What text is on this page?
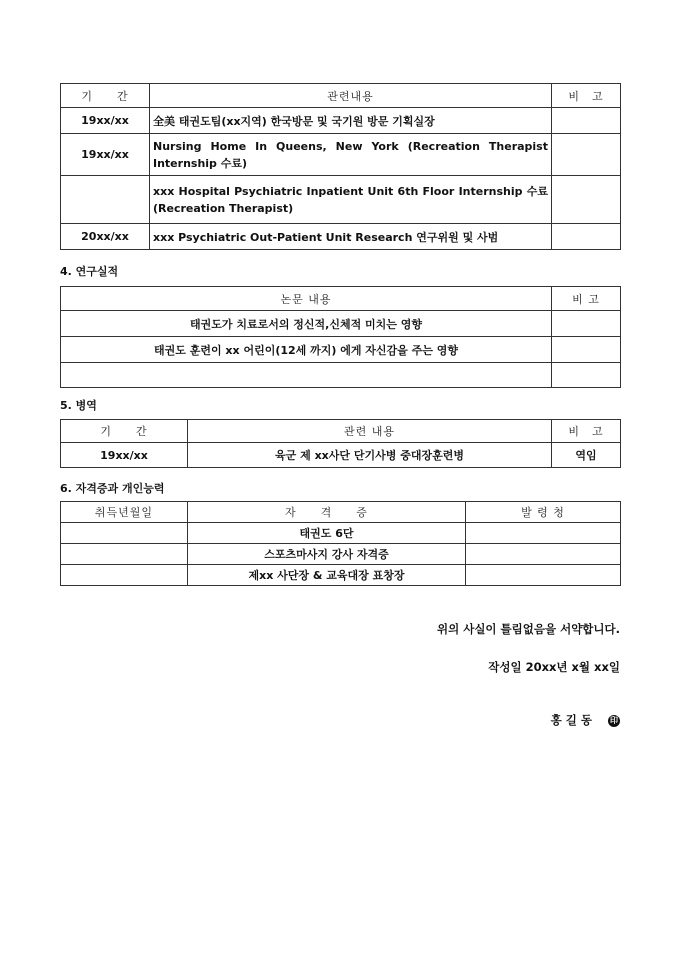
기　　간	관련내용	비　고
19xx/xx	全美 태권도팀(xx지역) 한국방문 및 국기원 방문 기획실장	
19xx/xx	Nursing Home In Queens, New York (Recreation Therapist Internship 수료)	
	xxx Hospital Psychiatric Inpatient Unit 6th Floor Internship 수료 (Recreation Therapist)	
20xx/xx	xxx Psychiatric Out-Patient Unit Research 연구위원 및 사범	
4. 연구실적
논문 내용	비 고
태권도가 치료로서의 정신적,신체적 미치는 영향	
태권도 훈련이 xx 어린이(12세 까지) 에게 자신감을 주는 영향	

5. 병역
기　　간	관련 내용	비　고
19xx/xx	육군 제 xx사단 단기사병 중대장훈련병	역임
6. 자격증과 개인능력
취득년월일	자　　격　　증	발 령 청
	태권도 6단	
	스포츠마사지 강사 자격증	
	제xx 사단장 & 교육대장 표창장	
위의 사실이 틀림없음을 서약합니다.
작성일 20xx년 x월 xx일

홍 길 동 印
